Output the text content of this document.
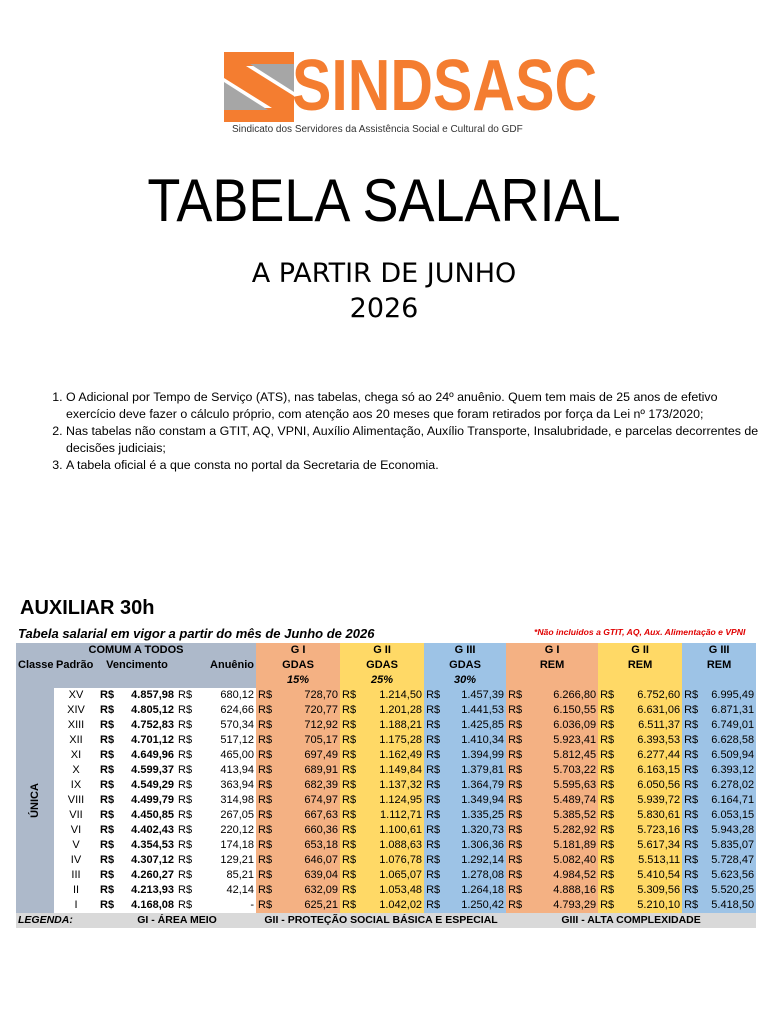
SINDSASC
Sindicato dos Servidores da Assistência Social e Cultural do GDF
TABELA SALARIAL
A PARTIR DE JUNHO
2026
1. O Adicional por Tempo de Serviço (ATS), nas tabelas, chega só ao 24º anuênio. Quem tem mais de 25 anos de efetivo exercício deve fazer o cálculo próprio, com atenção aos 20 meses que foram retirados por força da Lei nº 173/2020;
2. Nas tabelas não constam a GTIT, AQ, VPNI, Auxílio Alimentação, Auxílio Transporte, Insalubridade, e parcelas decorrentes de decisões judiciais;
3. A tabela oficial é a que consta no portal da Secretaria de Economia.
AUXILIAR 30h
Tabela salarial em vigor a partir do mês de Junho de 2026	*Não incluidos a GTIT, AQ, Aux. Alimentação e VPNI
COMUM A TODOS						G I		G II		G III		G I		G II		G III	
Classe	Padrão	Vencimento		Anuênio		GDAS		GDAS		GDAS		REM		REM		REM	
						15%		25%		30%							
ÚNICA	XV	R$	4.857,98	R$	680,12	R$	728,70	R$	1.214,50	R$	1.457,39	R$	6.266,80	R$	6.752,60	R$	6.995,49
	XIV	R$	4.805,12	R$	624,66	R$	720,77	R$	1.201,28	R$	1.441,53	R$	6.150,55	R$	6.631,06	R$	6.871,31
	XIII	R$	4.752,83	R$	570,34	R$	712,92	R$	1.188,21	R$	1.425,85	R$	6.036,09	R$	6.511,37	R$	6.749,01
	XII	R$	4.701,12	R$	517,12	R$	705,17	R$	1.175,28	R$	1.410,34	R$	5.923,41	R$	6.393,53	R$	6.628,58
	XI	R$	4.649,96	R$	465,00	R$	697,49	R$	1.162,49	R$	1.394,99	R$	5.812,45	R$	6.277,44	R$	6.509,94
	X	R$	4.599,37	R$	413,94	R$	689,91	R$	1.149,84	R$	1.379,81	R$	5.703,22	R$	6.163,15	R$	6.393,12
	IX	R$	4.549,29	R$	363,94	R$	682,39	R$	1.137,32	R$	1.364,79	R$	5.595,63	R$	6.050,56	R$	6.278,02
	VIII	R$	4.499,79	R$	314,98	R$	674,97	R$	1.124,95	R$	1.349,94	R$	5.489,74	R$	5.939,72	R$	6.164,71
	VII	R$	4.450,85	R$	267,05	R$	667,63	R$	1.112,71	R$	1.335,25	R$	5.385,52	R$	5.830,61	R$	6.053,15
	VI	R$	4.402,43	R$	220,12	R$	660,36	R$	1.100,61	R$	1.320,73	R$	5.282,92	R$	5.723,16	R$	5.943,28
	V	R$	4.354,53	R$	174,18	R$	653,18	R$	1.088,63	R$	1.306,36	R$	5.181,89	R$	5.617,34	R$	5.835,07
	IV	R$	4.307,12	R$	129,21	R$	646,07	R$	1.076,78	R$	1.292,14	R$	5.082,40	R$	5.513,11	R$	5.728,47
	III	R$	4.260,27	R$	85,21	R$	639,04	R$	1.065,07	R$	1.278,08	R$	4.984,52	R$	5.410,54	R$	5.623,56
	II	R$	4.213,93	R$	42,14	R$	632,09	R$	1.053,48	R$	1.264,18	R$	4.888,16	R$	5.309,56	R$	5.520,25
	I	R$	4.168,08	R$	-	R$	625,21	R$	1.042,02	R$	1.250,42	R$	4.793,29	R$	5.210,10	R$	5.418,50
LEGENDA:		GI - ÁREA MEIO				GII - PROTEÇÃO SOCIAL BÁSICA E ESPECIAL						GIII - ALTA COMPLEXIDADE					
